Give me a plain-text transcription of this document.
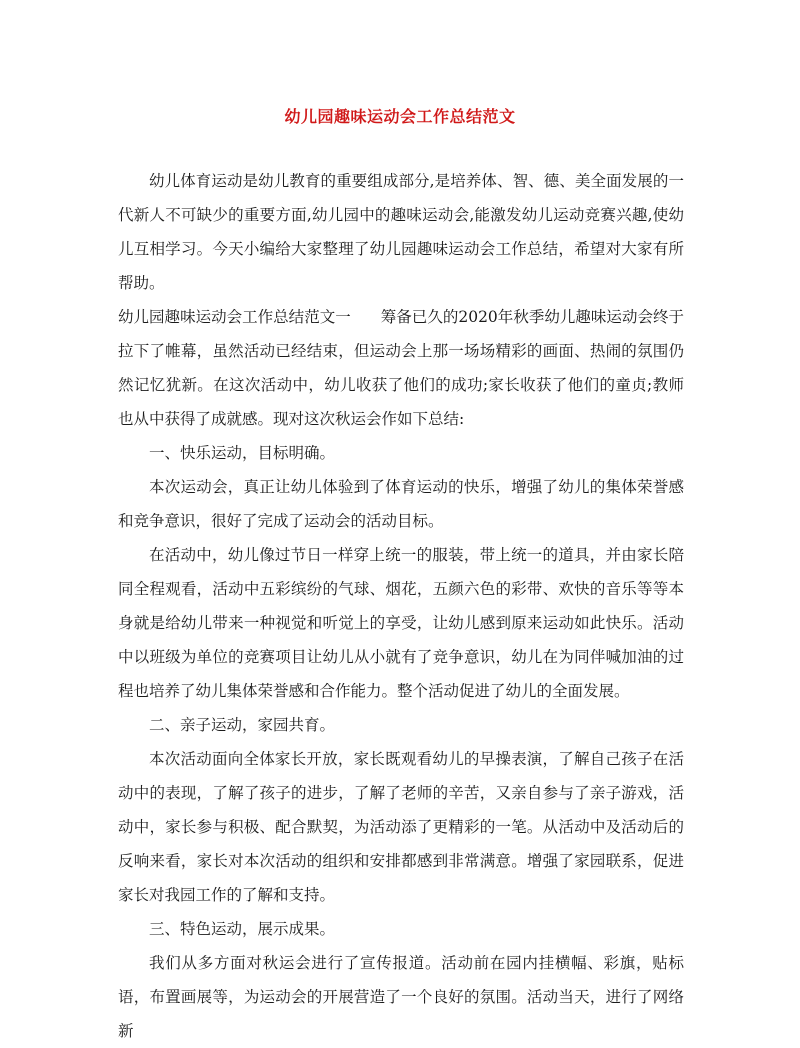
幼儿园趣味运动会工作总结范文

幼儿体育运动是幼儿教育的重要组成部分,是培养体、智、德、美全面发展的一代新人不可缺少的重要方面,幼儿园中的趣味运动会,能激发幼儿运动竞赛兴趣,使幼儿互相学习。今天小编给大家整理了幼儿园趣味运动会工作总结，希望对大家有所帮助。

幼儿园趣味运动会工作总结范文一 筹备已久的2020年秋季幼儿趣味运动会终于拉下了帷幕，虽然活动已经结束，但运动会上那一场场精彩的画面、热闹的氛围仍然记忆犹新。在这次活动中，幼儿收获了他们的成功;家长收获了他们的童贞;教师也从中获得了成就感。现对这次秋运会作如下总结:

一、快乐运动，目标明确。

本次运动会，真正让幼儿体验到了体育运动的快乐，增强了幼儿的集体荣誉感和竞争意识，很好了完成了运动会的活动目标。

在活动中，幼儿像过节日一样穿上统一的服装，带上统一的道具，并由家长陪同全程观看，活动中五彩缤纷的气球、烟花，五颜六色的彩带、欢快的音乐等等本身就是给幼儿带来一种视觉和听觉上的享受，让幼儿感到原来运动如此快乐。活动中以班级为单位的竞赛项目让幼儿从小就有了竞争意识，幼儿在为同伴喊加油的过程也培养了幼儿集体荣誉感和合作能力。整个活动促进了幼儿的全面发展。

二、亲子运动，家园共育。

本次活动面向全体家长开放，家长既观看幼儿的早操表演，了解自己孩子在活动中的表现，了解了孩子的进步，了解了老师的辛苦，又亲自参与了亲子游戏，活动中，家长参与积极、配合默契，为活动添了更精彩的一笔。从活动中及活动后的反响来看，家长对本次活动的组织和安排都感到非常满意。增强了家园联系，促进家长对我园工作的了解和支持。

三、特色运动，展示成果。

我们从多方面对秋运会进行了宣传报道。活动前在园内挂横幅、彩旗，贴标语，布置画展等，为运动会的开展营造了一个良好的氛围。活动当天，进行了网络新
